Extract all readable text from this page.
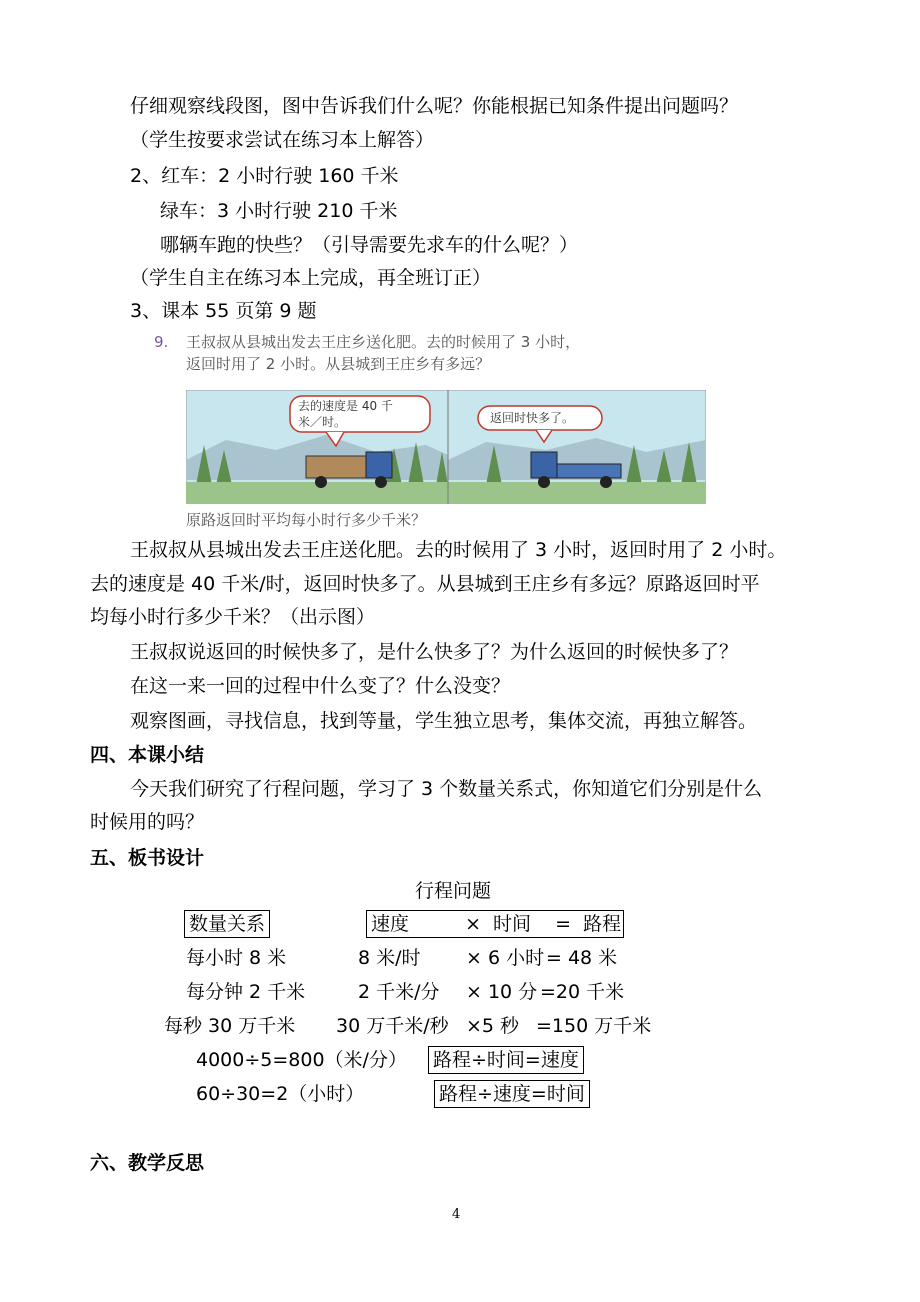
仔细观察线段图，图中告诉我们什么呢？你能根据已知条件提出问题吗？
（学生按要求尝试在练习本上解答）
2、红车：2 小时行驶 160 千米
绿车：3 小时行驶 210 千米
哪辆车跑的快些？（引导需要先求车的什么呢？）
（学生自主在练习本上完成，再全班订正）
3、课本 55 页第 9 题
9. 王叔叔从县城出发去王庄乡送化肥。去的时候用了 3 小时，
返回时用了 2 小时。从县城到王庄乡有多远？
去的速度是 40 千
米／时。	返回时快多了。
原路返回时平均每小时行多少千米？
王叔叔从县城出发去王庄送化肥。去的时候用了 3 小时，返回时用了 2 小时。
去的速度是 40 千米/时，返回时快多了。从县城到王庄乡有多远？原路返回时平
均每小时行多少千米？（出示图）
王叔叔说返回的时候快多了，是什么快多了？为什么返回的时候快多了？
在这一来一回的过程中什么变了？什么没变？
观察图画，寻找信息，找到等量，学生独立思考，集体交流，再独立解答。
四、本课小结
今天我们研究了行程问题，学习了 3 个数量关系式，你知道它们分别是什么
时候用的吗？
五、板书设计
行程问题
数量关系	速度	× 时间 = 路程
每小时 8 米	8 米/时 × 6 小时 = 48 米
每分钟 2 千米	2 千米/分 × 10 分 =20 千米
每秒 30 万千米 30 万千米/秒 ×5 秒 =150 万千米
4000÷5=800（米/分） 路程÷时间=速度
60÷30=2（小时）	路程÷速度=时间
六、教学反思
4
